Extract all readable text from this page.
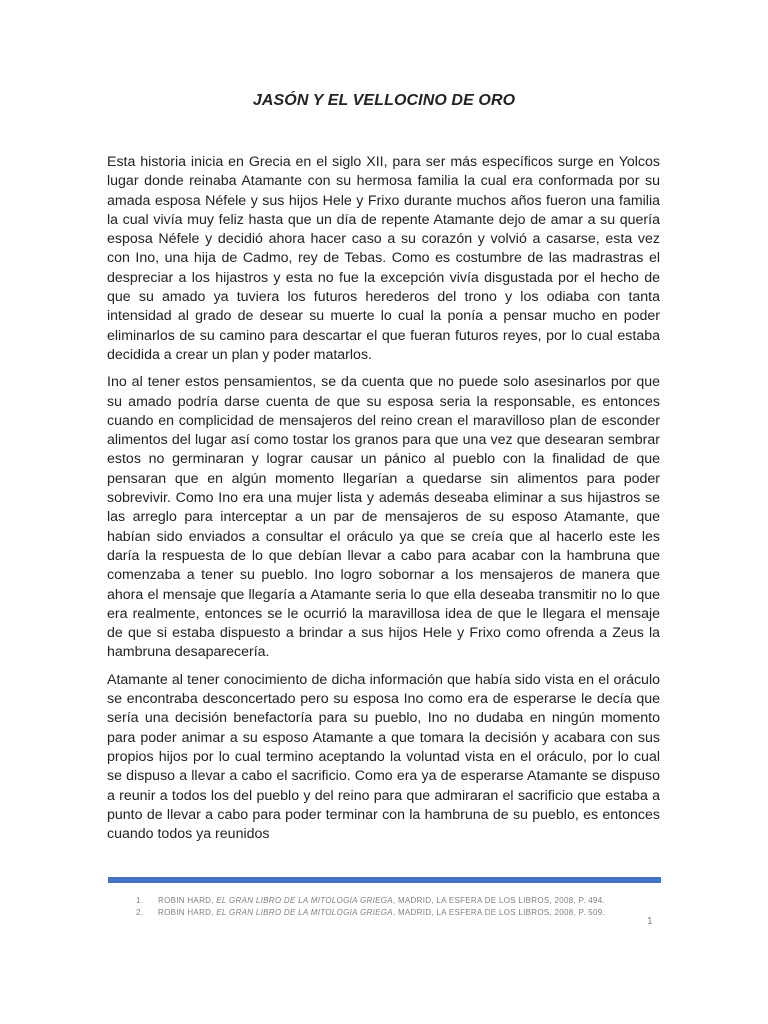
JASÓN Y EL VELLOCINO DE ORO

Esta historia inicia en Grecia en el siglo XII, para ser más específicos surge en Yolcos lugar donde reinaba Atamante con su hermosa familia la cual era conformada por su amada esposa Néfele y sus hijos Hele y Frixo durante muchos años fueron una familia la cual vivía muy feliz hasta que un día de repente Atamante dejo de amar a su quería esposa Néfele y decidió ahora hacer caso a su corazón y volvió a casarse, esta vez con Ino, una hija de Cadmo, rey de Tebas. Como es costumbre de las madrastras el despreciar a los hijastros y esta no fue la excepción vivía disgustada por el hecho de que su amado ya tuviera los futuros herederos del trono y los odiaba con tanta intensidad al grado de desear su muerte lo cual la ponía a pensar mucho en poder eliminarlos de su camino para descartar el que fueran futuros reyes, por lo cual estaba decidida a crear un plan y poder matarlos.

Ino al tener estos pensamientos, se da cuenta que no puede solo asesinarlos por que su amado podría darse cuenta de que su esposa seria la responsable, es entonces cuando en complicidad de mensajeros del reino crean el maravilloso plan de esconder alimentos del lugar así como tostar los granos para que una vez que desearan sembrar estos no germinaran y lograr causar un pánico al pueblo con la finalidad de que pensaran que en algún momento llegarían a quedarse sin alimentos para poder sobrevivir. Como Ino era una mujer lista y además deseaba eliminar a sus hijastros se las arreglo para interceptar a un par de mensajeros de su esposo Atamante, que habían sido enviados a consultar el oráculo ya que se creía que al hacerlo este les daría la respuesta de lo que debían llevar a cabo para acabar con la hambruna que comenzaba a tener su pueblo. Ino logro sobornar a los mensajeros de manera que ahora el mensaje que llegaría a Atamante seria lo que ella deseaba transmitir no lo que era realmente, entonces se le ocurrió la maravillosa idea de que le llegara el mensaje de que si estaba dispuesto a brindar a sus hijos Hele y Frixo como ofrenda a Zeus la hambruna desaparecería.

Atamante al tener conocimiento de dicha información que había sido vista en el oráculo se encontraba desconcertado pero su esposa Ino como era de esperarse le decía que sería una decisión benefactoría para su pueblo, Ino no dudaba en ningún momento para poder animar a su esposo Atamante a que tomara la decisión y acabara con sus propios hijos por lo cual termino aceptando la voluntad vista en el oráculo, por lo cual se dispuso a llevar a cabo el sacrificio. Como era ya de esperarse Atamante se dispuso a reunir a todos los del pueblo y del reino para que admiraran el sacrificio que estaba a punto de llevar a cabo para poder terminar con la hambruna de su pueblo, es entonces cuando todos ya reunidos

1. ROBIN HARD, EL GRAN LIBRO DE LA MITOLOGIA GRIEGA, MADRID, LA ESFERA DE LOS LIBROS, 2008, P. 494.
2. ROBIN HARD, EL GRAN LIBRO DE LA MITOLOGIA GRIEGA, MADRID, LA ESFERA DE LOS LIBROS, 2008, P. 509.
1
